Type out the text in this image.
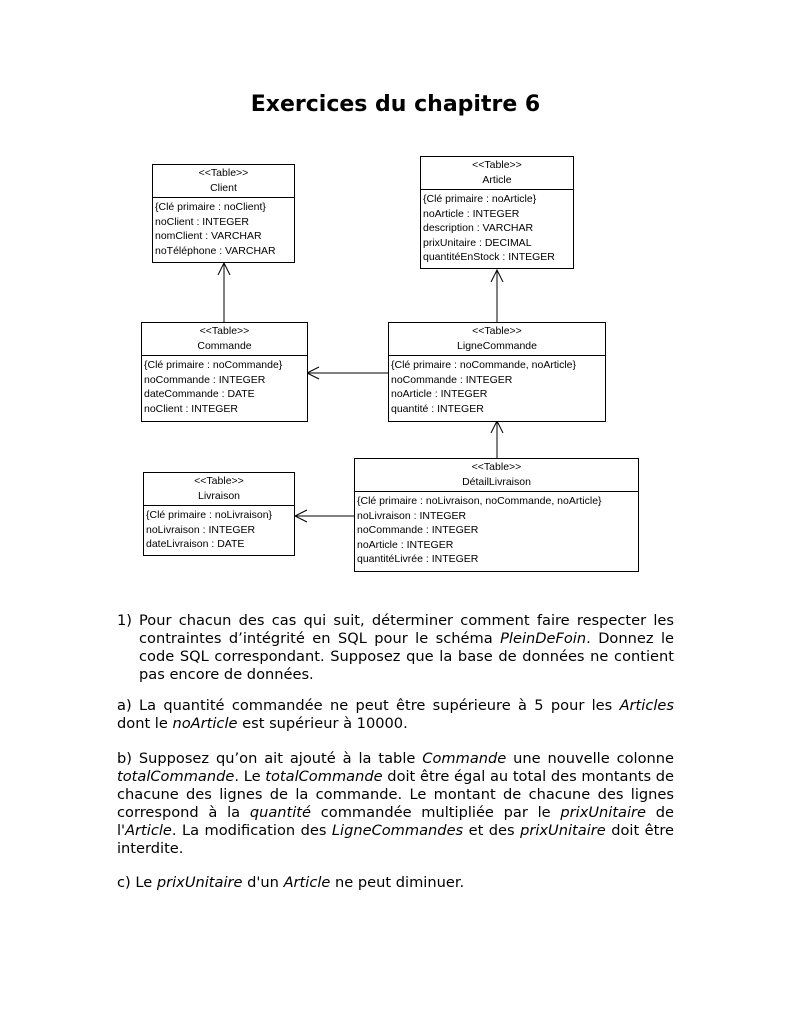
Exercices du chapitre 6
<<Table>>
Client
{Clé primaire : noClient}
noClient : INTEGER
nomClient : VARCHAR
noTéléphone : VARCHAR
<<Table>>
Article
{Clé primaire : noArticle}
noArticle : INTEGER
description : VARCHAR
prixUnitaire : DECIMAL
quantitéEnStock : INTEGER
<<Table>>
Commande
{Clé primaire : noCommande}
noCommande : INTEGER
dateCommande : DATE
noClient : INTEGER
<<Table>>
LigneCommande
{Clé primaire : noCommande, noArticle}
noCommande : INTEGER
noArticle : INTEGER
quantité : INTEGER
<<Table>>
Livraison
{Clé primaire : noLivraison}
noLivraison : INTEGER
dateLivraison : DATE
<<Table>>
DétailLivraison
{Clé primaire : noLivraison, noCommande, noArticle}
noLivraison : INTEGER
noCommande : INTEGER
noArticle : INTEGER
quantitéLivrée : INTEGER
1) Pour chacun des cas qui suit, déterminer comment faire respecter les contraintes d’intégrité en SQL pour le schéma PleinDeFoin. Donnez le code SQL correspondant. Supposez que la base de données ne contient pas encore de données.

a) La quantité commandée ne peut être supérieure à 5 pour les Articles dont le noArticle est supérieur à 10000.

b) Supposez qu’on ait ajouté à la table Commande une nouvelle colonne totalCommande. Le totalCommande doit être égal au total des montants de chacune des lignes de la commande. Le montant de chacune des lignes correspond à la quantité commandée multipliée par le prixUnitaire de l'Article. La modification des LigneCommandes et des prixUnitaire doit être interdite.

c) Le prixUnitaire d'un Article ne peut diminuer.
